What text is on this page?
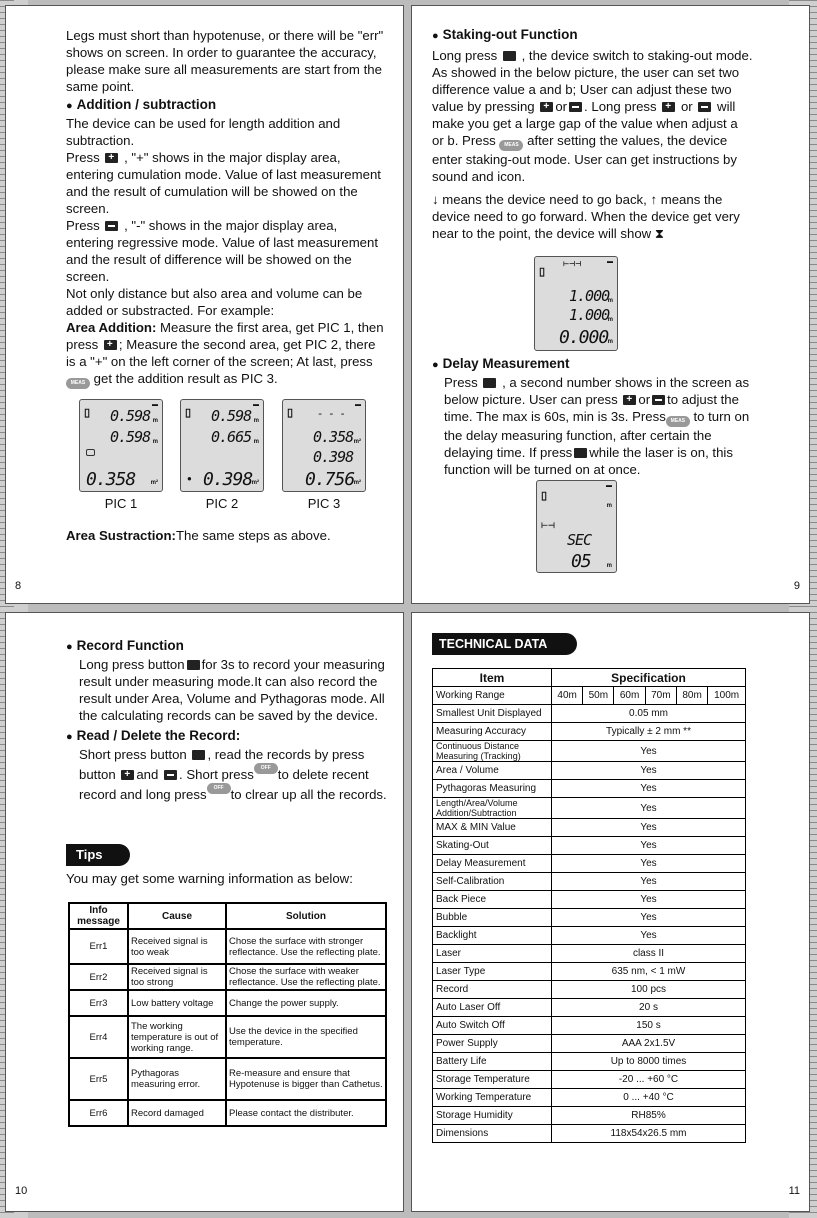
Legs must short than hypotenuse, or there will be "err" shows on screen. In order to guarantee the accuracy, please make sure all measurements are start from the same point.

● Addition / subtraction

The device can be used for length addition and subtraction.

Press + , "+" shows in the major display area, entering cumulation mode. Value of last measurement and the result of cumulation will be showed on the screen.

Press , "-" shows in the major display area, entering regressive mode. Value of last measurement and the result of difference will be showed on the screen.

Not only distance but also area and volume can be added or substracted. For example:

Area Addition: Measure the first area, get PIC 1, then press + ; Measure the second area, get PIC 2, there is a "+" on the left corner of the screen; At last, press MEAS get the addition result as PIC 3.

▯
▬
0.598 m
0.598 m
0.358	m²
PIC 1
▯
▬
0.598 m
0.665 m
● 0.398 m²
PIC 2
▯
▬
- - -
0.358 m²
0.398
0.756 m²
PIC 3

Area Sustraction:The same steps as above.

8

● Staking-out Function

Long press , the device switch to staking-out mode. As showed in the below picture, the user can set two difference value a and b; User can adjust these two value by pressing + or . Long press + or will make you get a large gap of the value when adjust a or b. Press MEAS after setting the values, the device enter staking-out mode. User can get instructions by sound and icon.

↓ means the device need to go back, ↑ means the device need to go forward. When the device get very near to the point, the device will show ⧗

▯
⊢⊣⊣	▬
1.000
m
1.000
m
0.000 m

● Delay Measurement

Press , a second number shows in the screen as below picture. User can press + or to adjust the time. The max is 60s, min is 3s. Press MEAS to turn on the delay measuring function, after certain the delaying time. If press while the laser is on, this function will be turned on at once.

▯
▬
m
⊢⊣
SEC
05	m
9

● Record Function

Long press button for 3s to record your measuring result under measuring mode.It can also record the result under Area, Volume and Pythagoras mode. All the calculating records can be saved by the device.

● Read / Delete the Record:

Short press button , read the records by press button + and . Short press OFF CLEAR to delete recent record and long press OFF CLEAR to clrear up all the records.

Tips

You may get some warning information as below:

Info message	Cause	Solution
Err1	Received signal is too weak	Chose the surface with stronger reflectance. Use the reflecting plate.
Err2	Received signal is too strong	Chose the surface with weaker reflectance. Use the reflecting plate.
Err3	Low battery voltage	Change the power supply.
Err4	The working temperature is out of working range.	Use the device in the specified temperature.
Err5	Pythagoras measuring error.	Re-measure and ensure that Hypotenuse is bigger than Cathetus.
Err6	Record damaged	Please contact the distributer.
10
TECHNICAL DATA
Item	Specification					
Working Range	40m	50m	60m	70m	80m	100m
Smallest Unit Displayed	0.05 mm					
Measuring Accuracy	Typically ± 2 mm **					
Continuous Distance Measuring (Tracking)	Yes					
Area / Volume	Yes					
Pythagoras Measuring	Yes					
Length/Area/Volume Addition/Subtraction	Yes					
MAX & MIN Value	Yes					
Skating-Out	Yes					
Delay Measurement	Yes					
Self-Calibration	Yes					
Back Piece	Yes					
Bubble	Yes					
Backlight	Yes					
Laser	class II					
Laser Type	635 nm, < 1 mW					
Record	100 pcs					
Auto Laser Off	20 s					
Auto Switch Off	150 s					
Power Supply	AAA 2x1.5V					
Battery Life	Up to 8000 times					
Storage Temperature	-20 ... +60 °C					
Working Temperature	0 ... +40 °C					
Storage Humidity	RH85%					
Dimensions	118x54x26.5 mm					
11
